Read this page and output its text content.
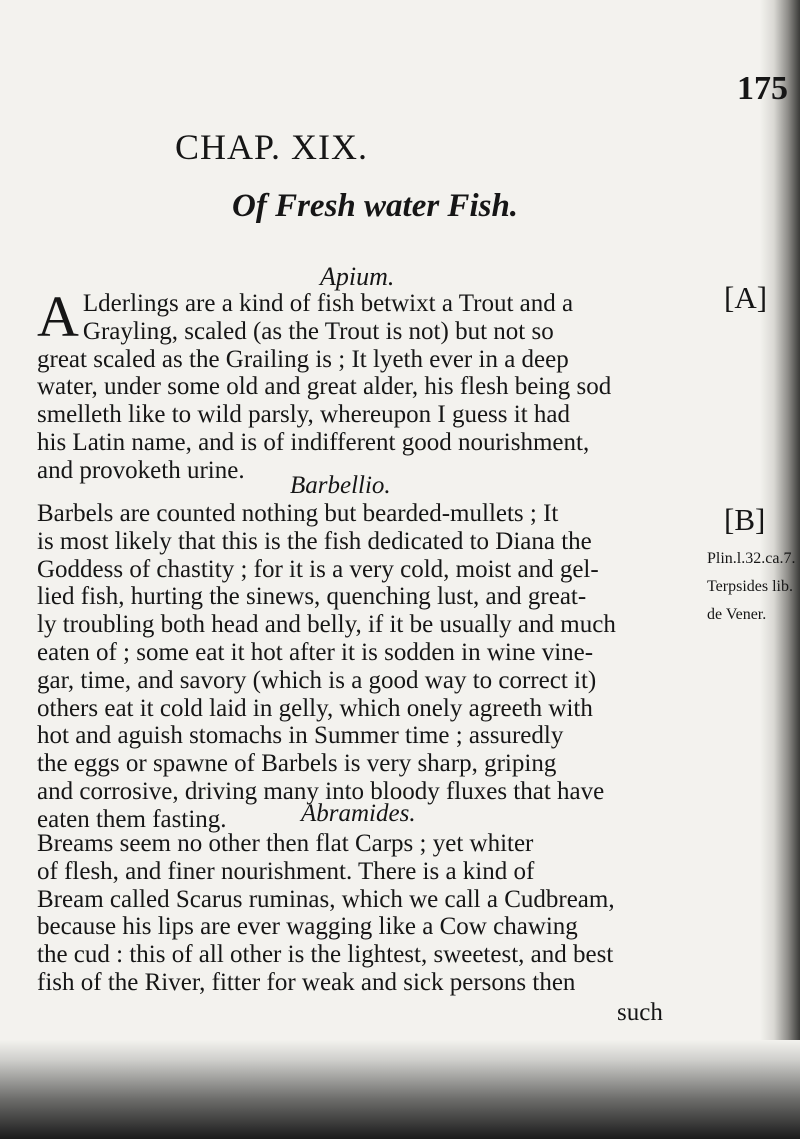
175
CHAP. XIX.
Of Fresh water Fish.
Apium.
[A]
A Lderlings are a kind of fish betwixt a Trout and a
Grayling, scaled (as the Trout is not) but not so
great scaled as the Grailing is ; It lyeth ever in a deep
water, under some old and great alder, his flesh being sod
smelleth like to wild parsly, whereupon I guess it had
his Latin name, and is of indifferent good nourishment,
and provoketh urine.
Barbellio.
[B]
Plin.l.32.ca.7.
Terpsides lib.
de Vener.
Barbels are counted nothing but bearded-mullets ; It
is most likely that this is the fish dedicated to Diana the
Goddess of chastity ; for it is a very cold, moist and gel-
lied fish, hurting the sinews, quenching lust, and great-
ly troubling both head and belly, if it be usually and much
eaten of ; some eat it hot after it is sodden in wine vine-
gar, time, and savory (which is a good way to correct it)
others eat it cold laid in gelly, which onely agreeth with
hot and aguish stomachs in Summer time ; assuredly
the eggs or spawne of Barbels is very sharp, griping
and corrosive, driving many into bloody fluxes that have
eaten them fasting.	Abramides.
Breams seem no other then flat Carps ; yet whiter
of flesh, and finer nourishment. There is a kind of
Bream called Scarus ruminas, which we call a Cudbream,
because his lips are ever wagging like a Cow chawing
the cud : this of all other is the lightest, sweetest, and best
fish of the River, fitter for weak and sick persons then
such
